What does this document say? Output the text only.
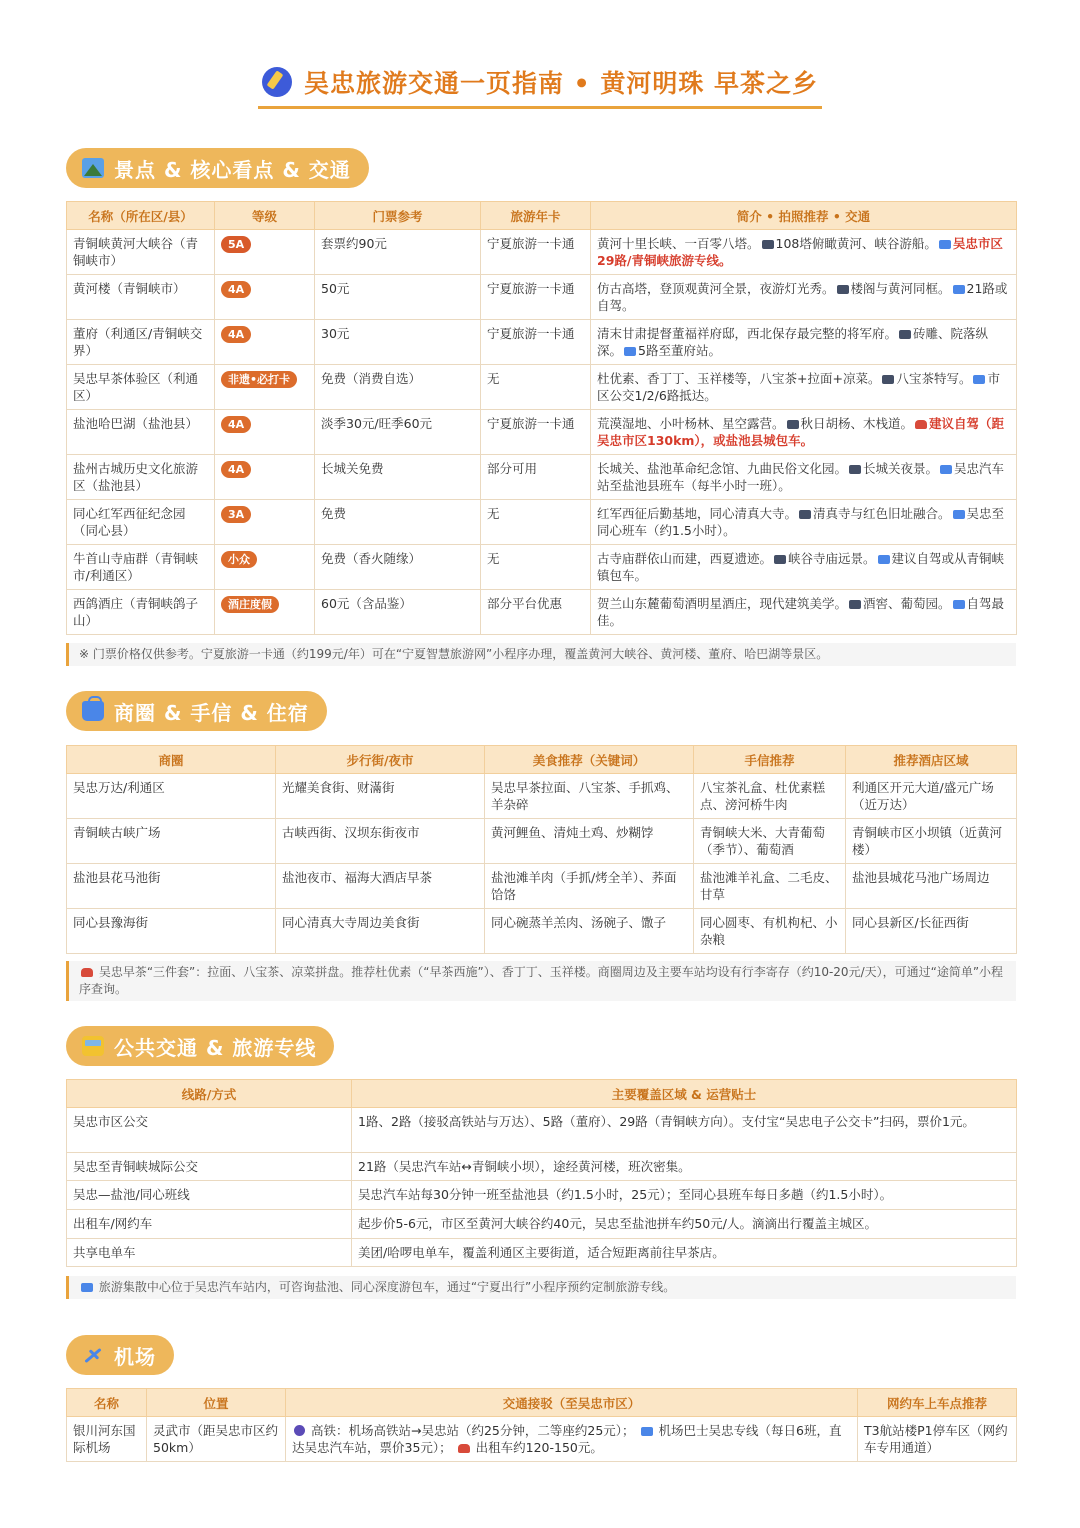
吴忠旅游交通一页指南 • 黄河明珠 早茶之乡
景点 & 核心看点 & 交通
名称（所在区/县）	等级	门票参考	旅游年卡	简介 • 拍照推荐 • 交通
青铜峡黄河大峡谷（青铜峡市）	5A	套票约90元	宁夏旅游一卡通	黄河十里长峡、一百零八塔。 108塔俯瞰黄河、峡谷游船。 吴忠市区29路/青铜峡旅游专线。
黄河楼（青铜峡市）	4A	50元	宁夏旅游一卡通	仿古高塔，登顶观黄河全景，夜游灯光秀。 楼阁与黄河同框。 21路或自驾。
董府（利通区/青铜峡交界）	4A	30元	宁夏旅游一卡通	清末甘肃提督董福祥府邸，西北保存最完整的将军府。 砖雕、院落纵深。 5路至董府站。
吴忠早茶体验区（利通区）	非遗•必打卡	免费（消费自选）	无	杜优素、香丁丁、玉祥楼等，八宝茶+拉面+凉菜。 八宝茶特写。 市区公交1/2/6路抵达。
盐池哈巴湖（盐池县）	4A	淡季30元/旺季60元	宁夏旅游一卡通	荒漠湿地、小叶杨林、星空露营。 秋日胡杨、木栈道。 建议自驾（距吴忠市区130km），或盐池县城包车。
盐州古城历史文化旅游区（盐池县）	4A	长城关免费	部分可用	长城关、盐池革命纪念馆、九曲民俗文化园。 长城关夜景。 吴忠汽车站至盐池县班车（每半小时一班）。
同心红军西征纪念园（同心县）	3A	免费	无	红军西征后勤基地，同心清真大寺。 清真寺与红色旧址融合。 吴忠至同心班车（约1.5小时）。
牛首山寺庙群（青铜峡市/利通区）	小众	免费（香火随缘）	无	古寺庙群依山而建，西夏遗迹。 峡谷寺庙远景。 建议自驾或从青铜峡镇包车。
西鸽酒庄（青铜峡鸽子山）	酒庄度假	60元（含品鉴）	部分平台优惠	贺兰山东麓葡萄酒明星酒庄，现代建筑美学。 酒窖、葡萄园。 自驾最佳。
※ 门票价格仅供参考。宁夏旅游一卡通（约199元/年）可在“宁夏智慧旅游网”小程序办理，覆盖黄河大峡谷、黄河楼、董府、哈巴湖等景区。
商圈 & 手信 & 住宿
商圈	步行街/夜市	美食推荐（关键词）	手信推荐	推荐酒店区域
吴忠万达/利通区	光耀美食街、财滿街	吴忠早茶拉面、八宝茶、手抓鸡、羊杂碎	八宝茶礼盒、杜优素糕点、滂河桥牛肉	利通区开元大道/盛元广场（近万达）
青铜峡古峡广场	古峡西街、汉坝东街夜市	黄河鲤鱼、清炖土鸡、炒糊饽	青铜峡大米、大青葡萄（季节）、葡萄酒	青铜峡市区小坝镇（近黄河楼）
盐池县花马池街	盐池夜市、福海大酒店早茶	盐池滩羊肉（手抓/烤全羊）、荞面饸饹	盐池滩羊礼盒、二毛皮、甘草	盐池县城花马池广场周边
同心县豫海街	同心清真大寺周边美食街	同心碗蒸羊羔肉、汤碗子、馓子	同心圆枣、有机枸杞、小杂粮	同心县新区/长征西街
吴忠早茶“三件套”：拉面、八宝茶、凉菜拼盘。推荐杜优素（“早茶西施”）、香丁丁、玉祥楼。商圈周边及主要车站均设有行李寄存（约10-20元/天），可通过“途简单”小程序查询。
公共交通 & 旅游专线
线路/方式	主要覆盖区域 & 运营贴士
吴忠市区公交	1路、2路（接驳高铁站与万达）、5路（董府）、29路（青铜峡方向）。支付宝“吴忠电子公交卡”扫码，票价1元。
吴忠至青铜峡城际公交	21路（吴忠汽车站↔青铜峡小坝），途经黄河楼，班次密集。
吴忠—盐池/同心班线	吴忠汽车站每30分钟一班至盐池县（约1.5小时，25元）；至同心县班车每日多趟（约1.5小时）。
出租车/网约车	起步价5-6元，市区至黄河大峡谷约40元，吴忠至盐池拼车约50元/人。滴滴出行覆盖主城区。
共享电单车	美团/哈啰电单车，覆盖利通区主要街道，适合短距离前往早茶店。
旅游集散中心位于吴忠汽车站内，可咨询盐池、同心深度游包车，通过“宁夏出行”小程序预约定制旅游专线。
机场
名称	位置	交通接驳（至吴忠市区）	网约车上车点推荐
银川河东国际机场	灵武市（距吴忠市区约50km）	高铁：机场高铁站→吴忠站（约25分钟，二等座约25元）； 机场巴士吴忠专线（每日6班，直达吴忠汽车站，票价35元）； 出租车约120-150元。	T3航站楼P1停车区（网约车专用通道）
